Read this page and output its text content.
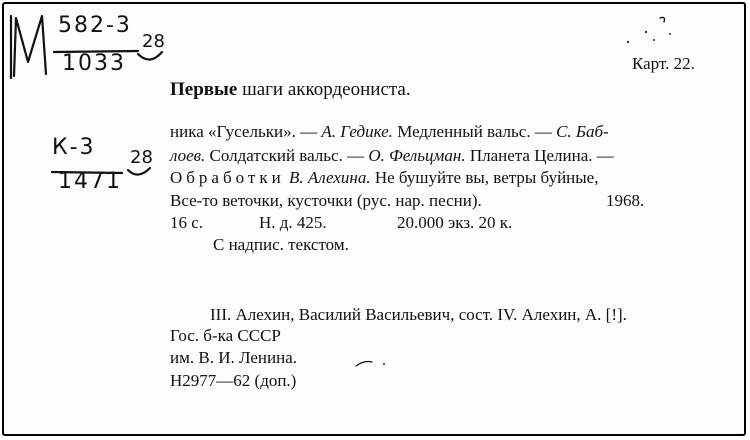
582-3
1033
28
Карт. 22.
Первые шаги аккордеониста.
К-3
1471
28
ника «Гусельки». — А. Гедике. Медленный вальс. — С. Баб-
лоев. Солдатский вальс. — О. Фельцман. Планета Целина. —
Обработки В. Алехина. Не бушуйте вы, ветры буйные,
Все-то веточки, кусточки (рус. нар. песни).	1968.
16 с.	Н. д. 425.	20.000 экз. 20 к.
С надпис. текстом.
III. Алехин, Василий Васильевич, сост. IV. Алехин, А. [!].
Гос. б-ка СССР
им. В. И. Ленина.
Н2977—62 (доп.)
